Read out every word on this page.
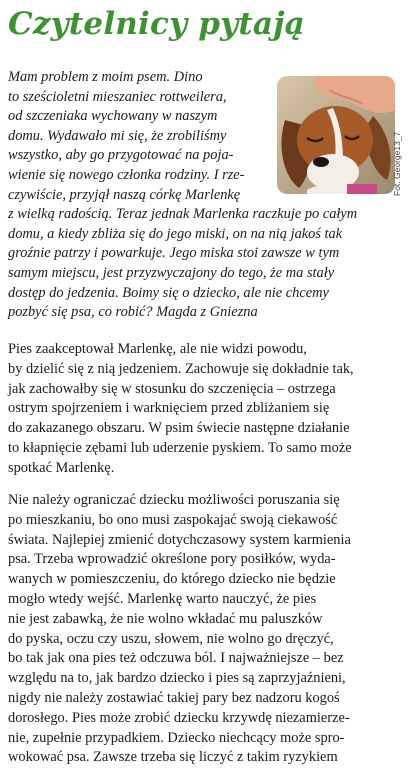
Czytelnicy pytają
Fot. George13_7
Mam problem z moim psem. Dino
to sześcioletni mieszaniec rottweilera,
od szczeniaka wychowany w naszym
domu. Wydawało mi się, że zrobiliśmy
wszystko, aby go przygotować na poja-
wienie się nowego członka rodziny. I rze-
czywiście, przyjął naszą córkę Marlenkę
z wielką radością. Teraz jednak Marlenka raczkuje po całym
domu, a kiedy zbliża się do jego miski, on na nią jakoś tak
groźnie patrzy i powarkuje. Jego miska stoi zawsze w tym
samym miejscu, jest przyzwyczajony do tego, że ma stały
dostęp do jedzenia. Boimy się o dziecko, ale nie chcemy
pozbyć się psa, co robić? Magda z Gniezna
Pies zaakceptował Marlenkę, ale nie widzi powodu,
by dzielić się z nią jedzeniem. Zachowuje się dokładnie tak,
jak zachowałby się w stosunku do szczenięcia – ostrzega
ostrym spojrzeniem i warknięciem przed zbliżaniem się
do zakazanego obszaru. W psim świecie następne działanie
to kłapnięcie zębami lub uderzenie pyskiem. To samo może
spotkać Marlenkę.
Nie należy ograniczać dziecku możliwości poruszania się
po mieszkaniu, bo ono musi zaspokajać swoją ciekawość
świata. Najlepiej zmienić dotychczasowy system karmienia
psa. Trzeba wprowadzić określone pory posiłków, wyda-
wanych w pomieszczeniu, do którego dziecko nie będzie
mogło wtedy wejść. Marlenkę warto nauczyć, że pies
nie jest zabawką, że nie wolno wkładać mu paluszków
do pyska, oczu czy uszu, słowem, nie wolno go dręczyć,
bo tak jak ona pies też odczuwa ból. I najważniejsze – bez
względu na to, jak bardzo dziecko i pies są zaprzyjaźnieni,
nigdy nie należy zostawiać takiej pary bez nadzoru kogoś
dorosłego. Pies może zrobić dziecku krzywdę niezamierze-
nie, zupełnie przypadkiem. Dziecko niechcący może spro-
wokować psa. Zawsze trzeba się liczyć z takim ryzykiem
